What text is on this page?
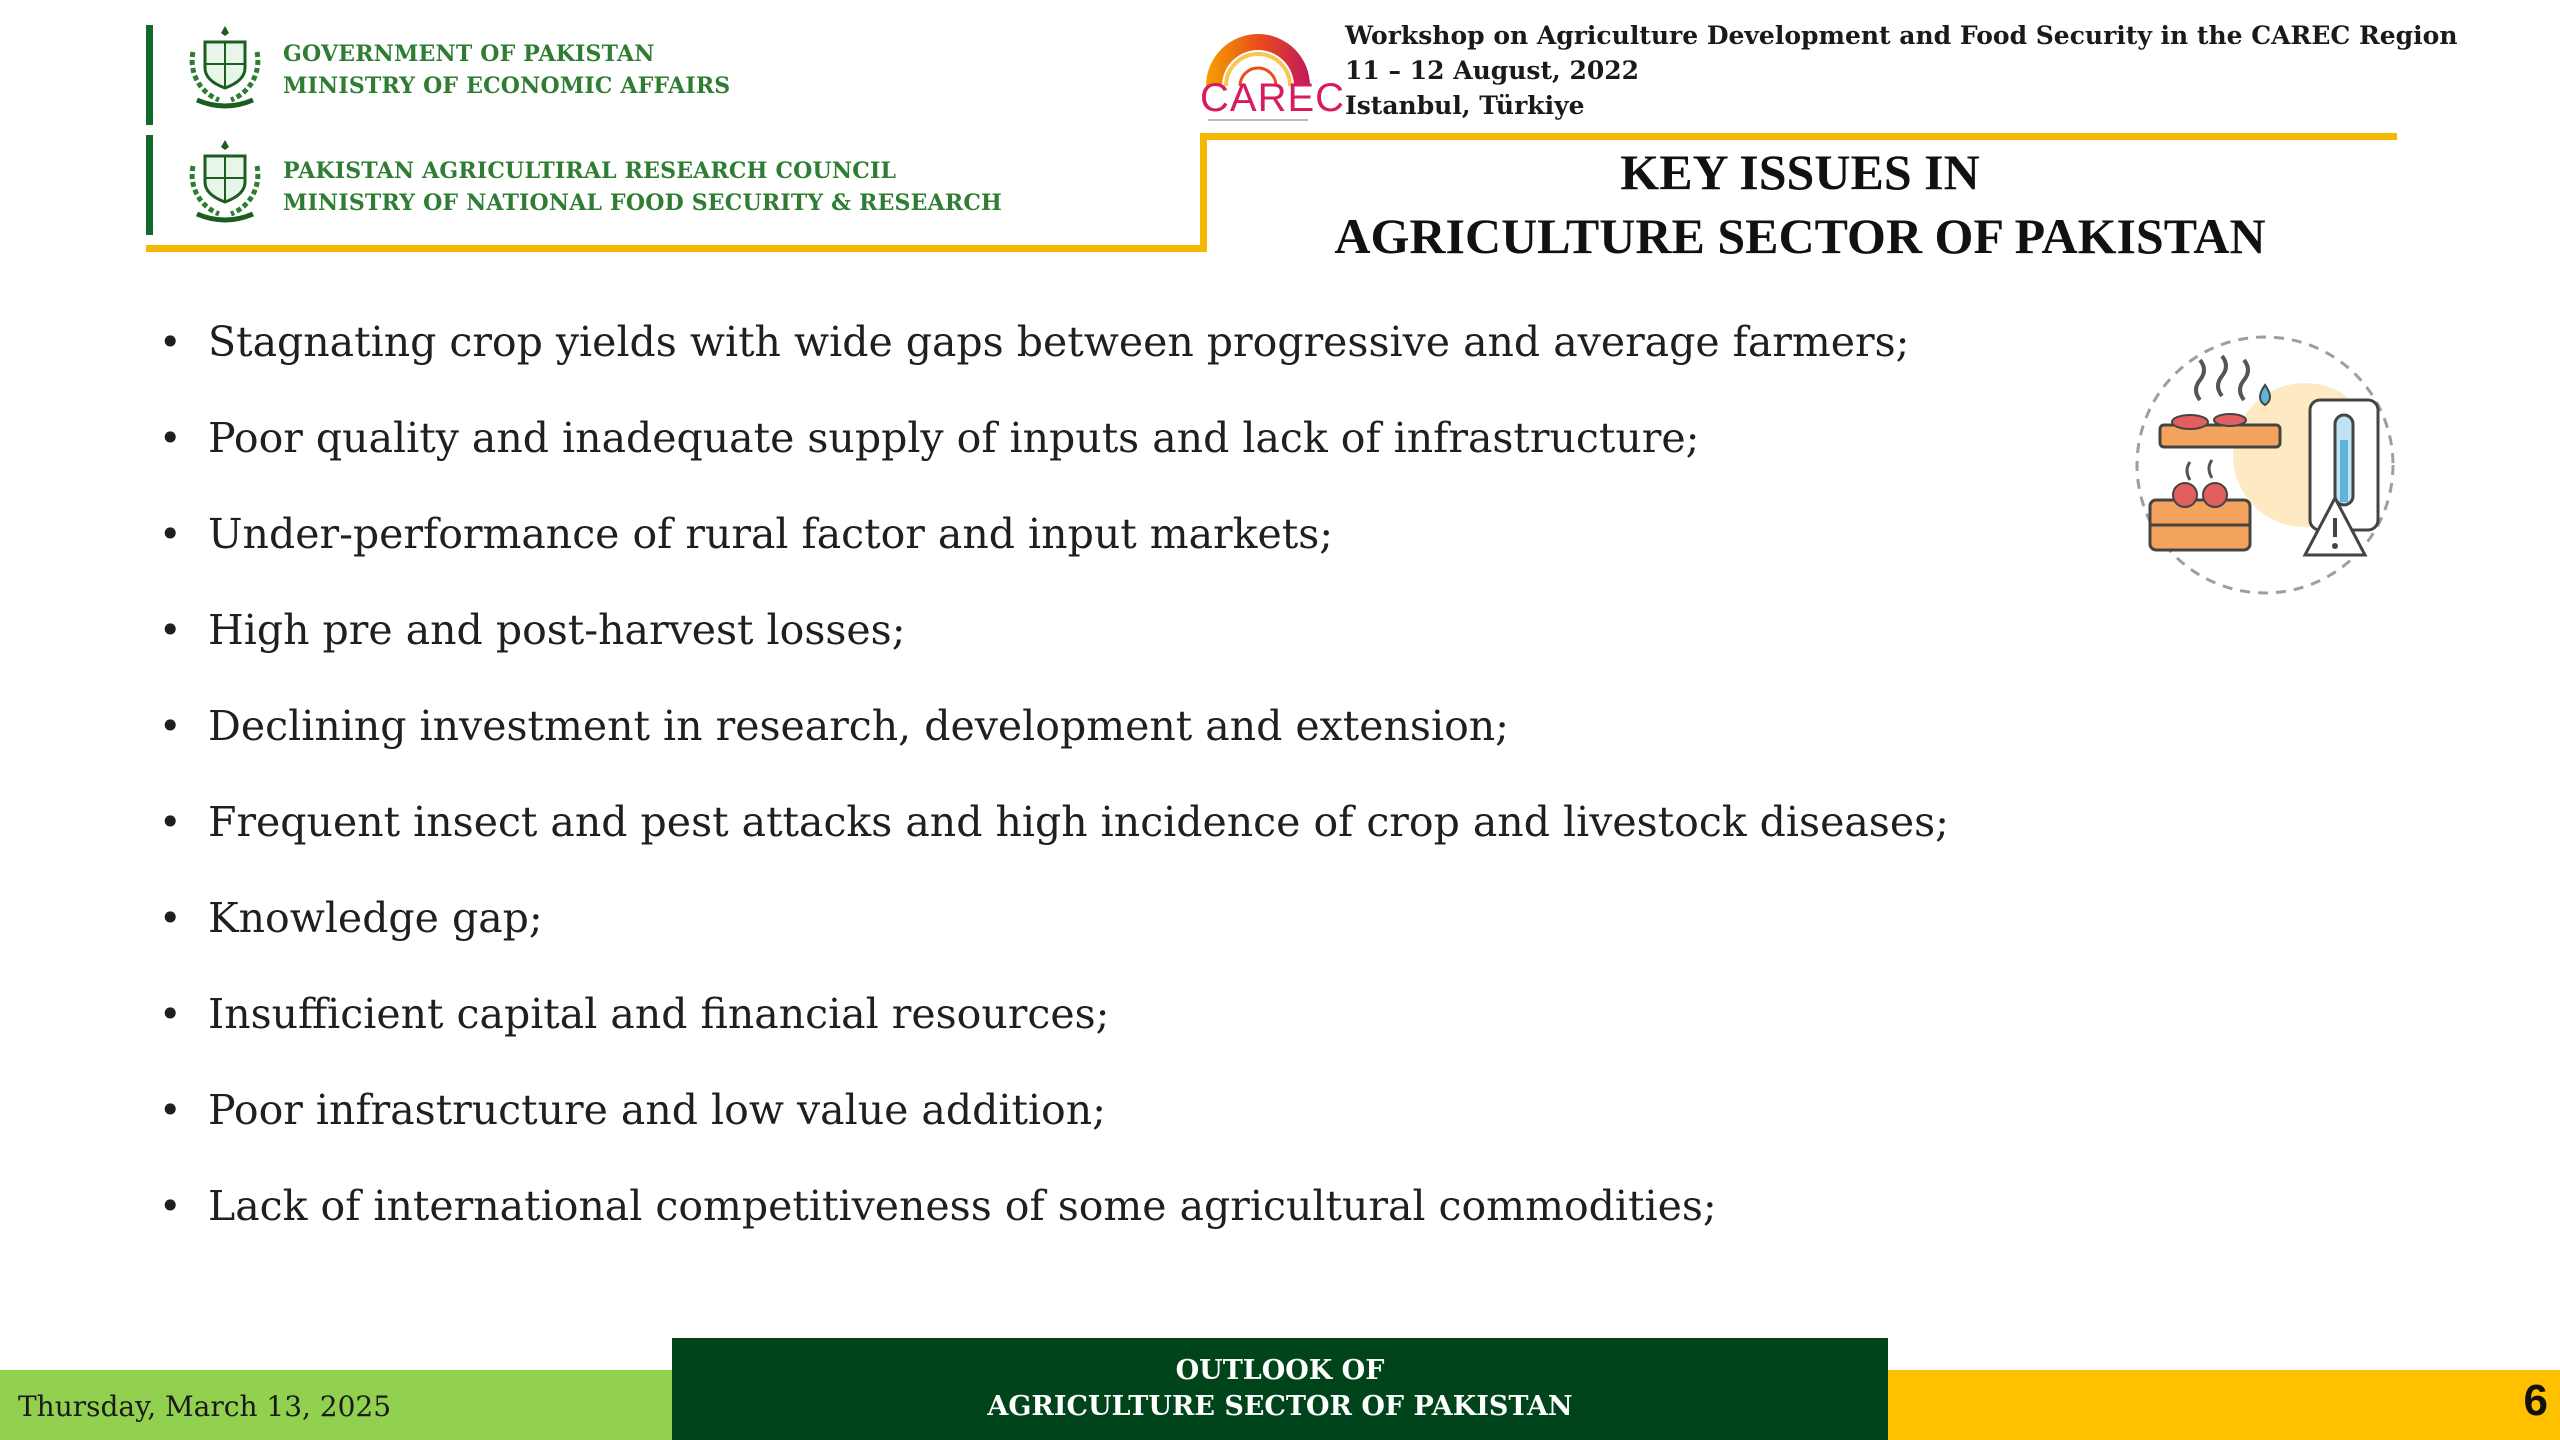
GOVERNMENT OF PAKISTAN
MINISTRY OF ECONOMIC AFFAIRS
PAKISTAN AGRICULTIRAL RESEARCH COUNCIL
MINISTRY OF NATIONAL FOOD SECURITY & RESEARCH
CAREC
Workshop on Agriculture Development and Food Security in the CAREC Region
11 – 12 August, 2022
Istanbul, Türkiye
KEY ISSUES IN
AGRICULTURE SECTOR OF PAKISTAN
• Stagnating crop yields with wide gaps between progressive and average farmers;
• Poor quality and inadequate supply of inputs and lack of infrastructure;
• Under-performance of rural factor and input markets;
• High pre and post-harvest losses;
• Declining investment in research, development and extension;
• Frequent insect and pest attacks and high incidence of crop and livestock diseases;
• Knowledge gap;
• Insufficient capital and financial resources;
• Poor infrastructure and low value addition;
• Lack of international competitiveness of some agricultural commodities;
Thursday, March 13, 2025
OUTLOOK OF
AGRICULTURE SECTOR OF PAKISTAN	6
